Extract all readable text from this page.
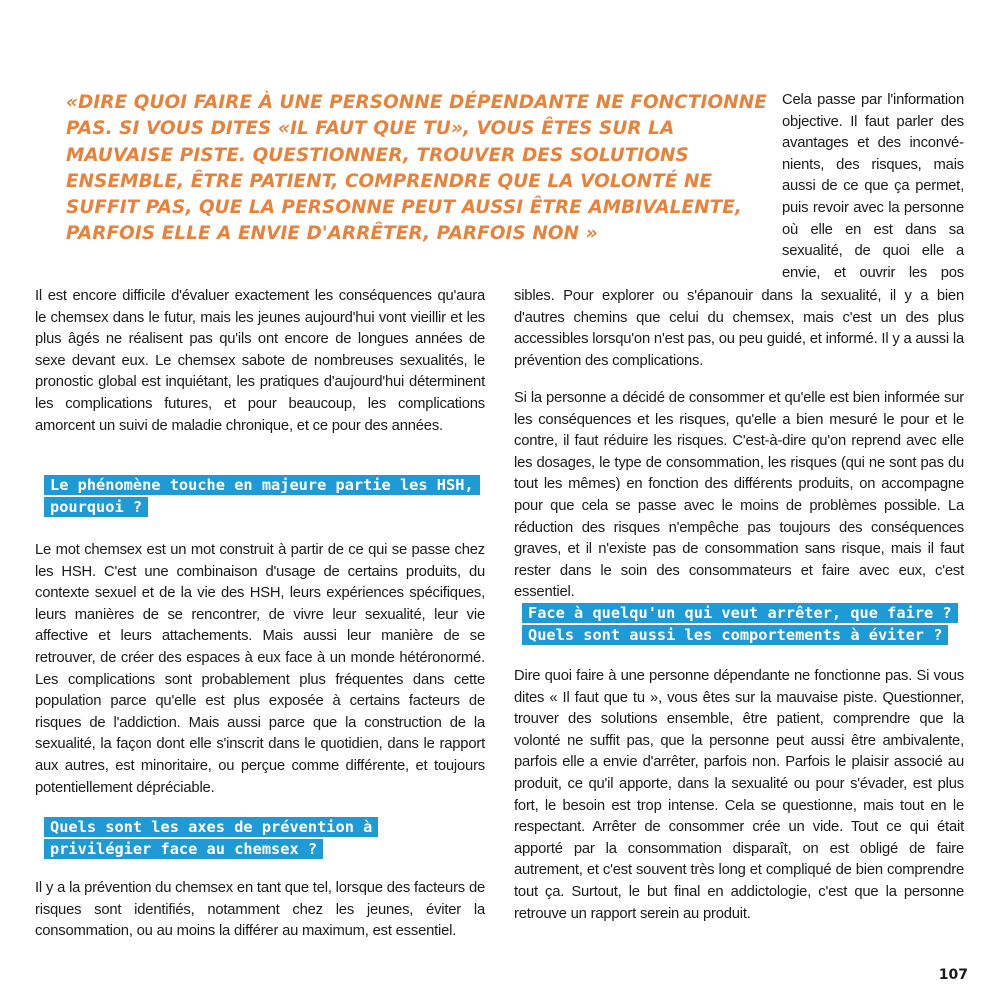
«DIRE QUOI FAIRE À UNE PERSONNE DÉPENDANTE NE FONCTIONNE PAS. SI VOUS DITES «IL FAUT QUE TU», VOUS ÊTES SUR LA MAUVAISE PISTE. QUESTIONNER, TROUVER DES SOLUTIONS ENSEMBLE, ÊTRE PATIENT, COMPRENDRE QUE LA VOLONTÉ NE SUFFIT PAS, QUE LA PERSONNE PEUT AUSSI ÊTRE AMBIVALENTE, PARFOIS ELLE A ENVIE D'ARRÊTER, PARFOIS NON »
Cela passe par l'information objective. Il faut parler des avantages et des inconvénients, des risques, mais aussi de ce que ça permet, puis revoir avec la personne où elle en est dans sa sexualité, de quoi elle a envie, et ouvrir les pos
Il est encore difficile d'évaluer exactement les conséquences qu'aura le chemsex dans le futur, mais les jeunes aujourd'hui vont vieillir et les plus âgés ne réalisent pas qu'ils ont encore de longues années de sexe devant eux. Le chemsex sabote de nombreuses sexualités, le pronostic global est inquiétant, les pratiques d'aujourd'hui déterminent les complications futures, et pour beaucoup, les complications amorcent un suivi de maladie chronique, et ce pour des années.
sibles. Pour explorer ou s'épanouir dans la sexualité, il y a bien d'autres chemins que celui du chemsex, mais c'est un des plus accessibles lorsqu'on n'est pas, ou peu guidé, et informé. Il y a aussi la prévention des complications.
Le phénomène touche en majeure partie les HSH, pourquoi ?
Si la personne a décidé de consommer et qu'elle est bien informée sur les conséquences et les risques, qu'elle a bien mesuré le pour et le contre, il faut réduire les risques. C'est-à-dire qu'on reprend avec elle les dosages, le type de consommation, les risques (qui ne sont pas du tout les mêmes) en fonction des différents produits, on accompagne pour que cela se passe avec le moins de problèmes possible. La réduction des risques n'empêche pas toujours des conséquences graves, et il n'existe pas de consommation sans risque, mais il faut rester dans le soin des consommateurs et faire avec eux, c'est essentiel.
Le mot chemsex est un mot construit à partir de ce qui se passe chez les HSH. C'est une combinaison d'usage de certains produits, du contexte sexuel et de la vie des HSH, leurs expériences spécifiques, leurs manières de se rencontrer, de vivre leur sexualité, leur vie affective et leurs attachements. Mais aussi leur manière de se retrouver, de créer des espaces à eux face à un monde hétéronormé. Les complications sont probablement plus fréquentes dans cette population parce qu'elle est plus exposée à certains facteurs de risques de l'addiction. Mais aussi parce que la construction de la sexualité, la façon dont elle s'inscrit dans le quotidien, dans le rapport aux autres, est minoritaire, ou perçue comme différente, et toujours potentiellement dépréciable.
Face à quelqu'un qui veut arrêter, que faire ? Quels sont aussi les comportements à éviter ?
Dire quoi faire à une personne dépendante ne fonctionne pas. Si vous dites « Il faut que tu », vous êtes sur la mauvaise piste. Questionner, trouver des solutions ensemble, être patient, comprendre que la volonté ne suffit pas, que la personne peut aussi être ambivalente, parfois elle a envie d'arrêter, parfois non. Parfois le plaisir associé au produit, ce qu'il apporte, dans la sexualité ou pour s'évader, est plus fort, le besoin est trop intense. Cela se questionne, mais tout en le respectant. Arrêter de consommer crée un vide. Tout ce qui était apporté par la consommation disparaît, on est obligé de faire autrement, et c'est souvent très long et compliqué de bien comprendre tout ça. Surtout, le but final en addictologie, c'est que la personne retrouve un rapport serein au produit.
Quels sont les axes de prévention à privilégier face au chemsex ?
Il y a la prévention du chemsex en tant que tel, lorsque des facteurs de risques sont identifiés, notamment chez les jeunes, éviter la consommation, ou au moins la différer au maximum, est essentiel.
107
